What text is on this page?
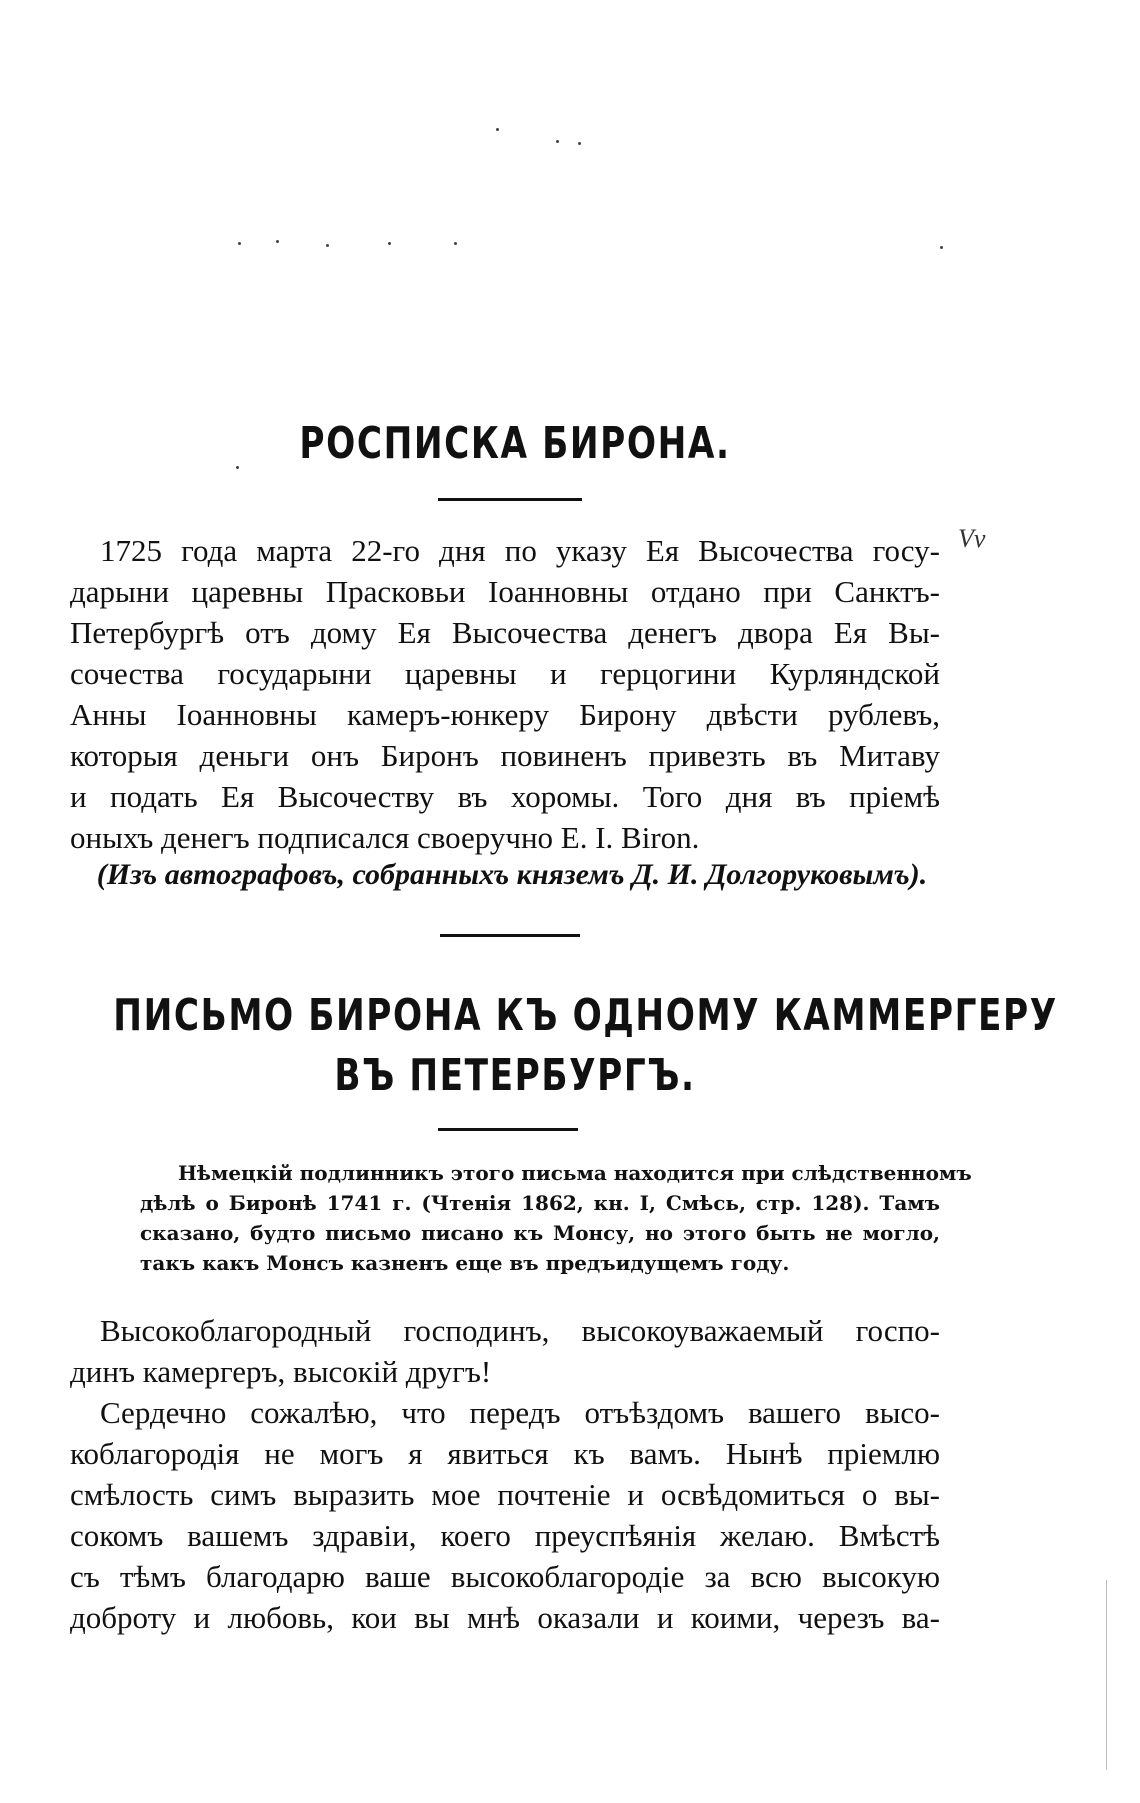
РОСПИСКА БИРОНА.
1725 года марта 22-го дня по указу Ея Высочества госу-
дарыни царевны Прасковьи Іоанновны отдано при Санктъ-
Петербургѣ отъ дому Ея Высочества денегъ двора Ея Вы-
сочества государыни царевны и герцогини Курляндской
Анны Іоанновны камеръ-юнкеру Бирону двѣсти рублевъ,
которыя деньги онъ Биронъ повиненъ привезть въ Митаву
и подать Ея Высочеству въ хоромы. Того дня въ пріемѣ
оныхъ денегъ подписался своеручно Е. І. Biron.
Vv
(Изъ автографовъ, собранныхъ княземъ Д. И. Долгоруковымъ).
ПИСЬМО БИРОНА КЪ ОДНОМУ КАММЕРГЕРУ
ВЪ ПЕТЕРБУРГЪ.
Нѣмецкій подлинникъ этого письма находится при слѣдственномъ
дѣлѣ о Биронѣ 1741 г. (Чтенія 1862, кн. I, Смѣсь, стр. 128). Тамъ
сказано, будто письмо писано къ Монсу, но этого быть не могло,
такъ какъ Монсъ казненъ еще въ предъидущемъ году.
Высокоблагородный господинъ, высокоуважаемый госпо-
динъ камергеръ, высокій другъ!
Сердечно сожалѣю, что передъ отъѣздомъ вашего высо-
коблагородія не могъ я явиться къ вамъ. Нынѣ пріемлю
смѣлость симъ выразить мое почтеніе и освѣдомиться о вы-
сокомъ вашемъ здравіи, коего преуспѣянія желаю. Вмѣстѣ
съ тѣмъ благодарю ваше высокоблагородіе за всю высокую
доброту и любовь, кои вы мнѣ оказали и коими, черезъ ва-
